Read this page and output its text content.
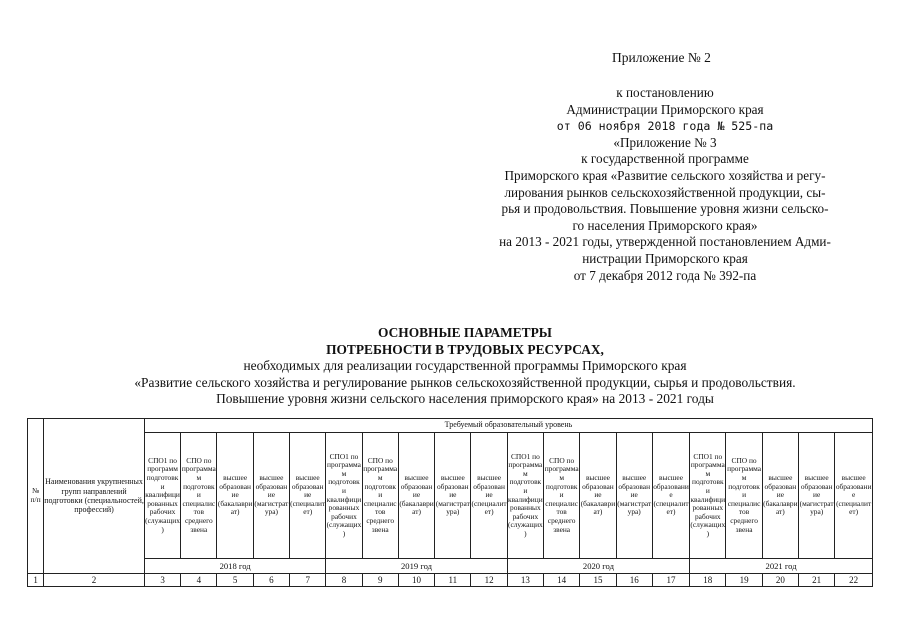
Приложение № 2
к постановлению
Администрации Приморского края
от 06 ноября 2018 года № 525-па
«Приложение № 3
к государственной программе
Приморского края «Развитие сельского хозяйства и регу-
лирования рынков сельскохозяйственной продукции, сы-
рья и продовольствия. Повышение уровня жизни сельско-
го населения Приморского края»
на 2013 - 2021 годы, утвержденной постановлением Адми-
нистрации Приморского края
от 7 декабря 2012 года № 392-па
ОСНОВНЫЕ ПАРАМЕТРЫ
ПОТРЕБНОСТИ В ТРУДОВЫХ РЕСУРСАХ,
необходимых для реализации государственной программы Приморского края
«Развитие сельского хозяйства и регулирование рынков сельскохозяйственной продукции, сырья и продовольствия.
Повышение уровня жизни сельского населения приморского края» на 2013 - 2021 годы
№ п/п	Наименования укрупненных групп направлений подготовки (специальностей, профессий)	Требуемый образовательный уровень																			
		СПО1 по программ подготовки квалифицированных рабочих (служащих)	СПО по программам подготовки специалистов среднего звена	высшее образование (бакалавриат)	высшее образование (магистратура)	высшее образование (специалитет)	СПО1 по программам подготовки квалифицированных рабочих (служащих)	СПО по программам подготовки специалистов среднего звена	высшее образование (бакалавриат)	высшее образование (магистратура)	высшее образование (специалитет)	СПО1 по программам подготовки квалифицированных рабочих (служащих)	СПО по программам подготовки специалистов среднего звена	высшее образование (бакалавриат)	высшее образование (магистратура)	высшее образование (специалитет)	СПО1 по программам подготовки квалифицированных рабочих (служащих)	СПО по программам подготовки специалистов среднего звена	высшее образование (бакалавриат)	высшее образование (магистратура)	высшее образование (специалитет)
		2018 год					2019 год					2020 год					2021 год				
1	2	3	4	5	6	7	8	9	10	11	12	13	14	15	16	17	18	19	20	21	22
